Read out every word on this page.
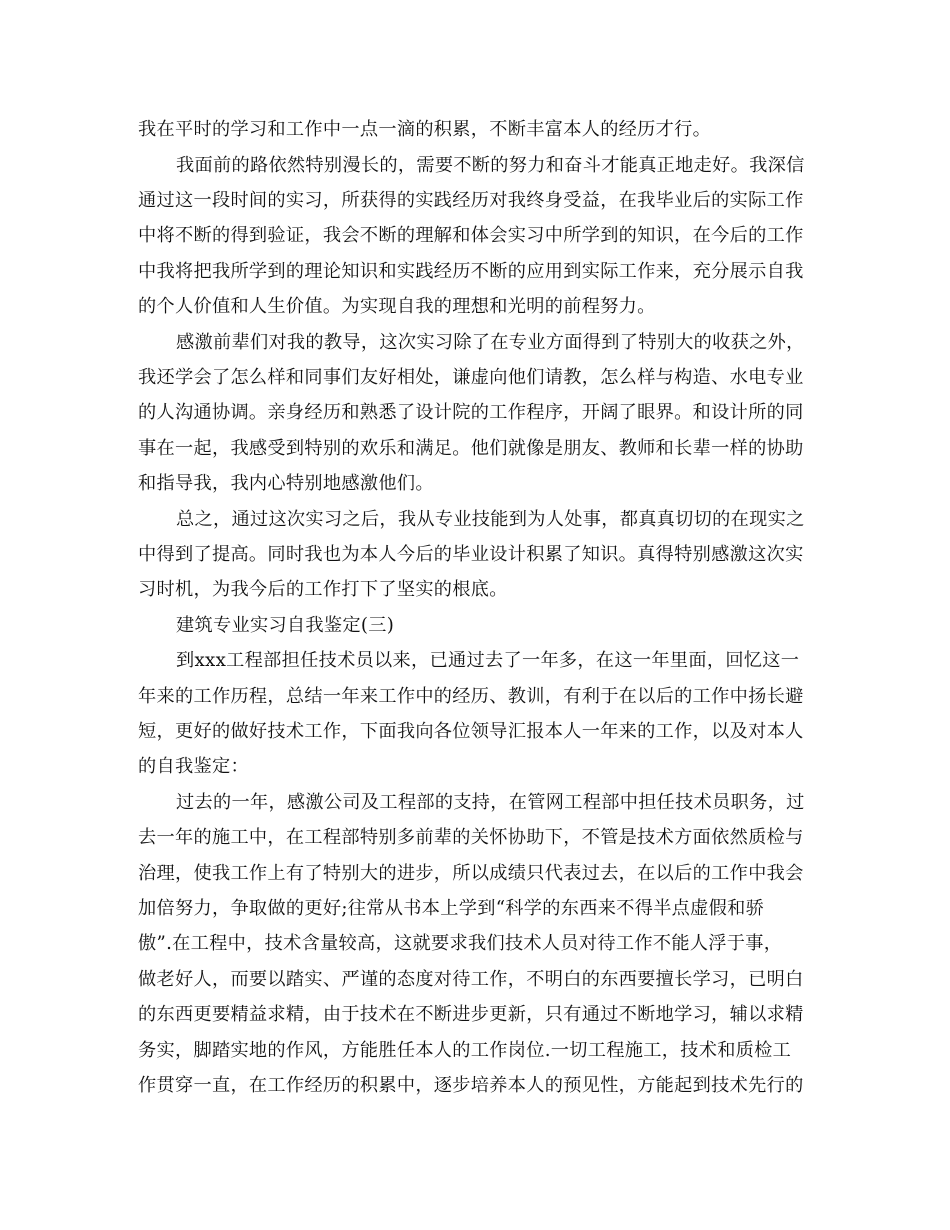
我在平时的学习和工作中一点一滴的积累，不断丰富本人的经历才行。
我面前的路依然特别漫长的，需要不断的努力和奋斗才能真正地走好。我深信
通过这一段时间的实习，所获得的实践经历对我终身受益，在我毕业后的实际工作
中将不断的得到验证，我会不断的理解和体会实习中所学到的知识，在今后的工作
中我将把我所学到的理论知识和实践经历不断的应用到实际工作来，充分展示自我
的个人价值和人生价值。为实现自我的理想和光明的前程努力。
感激前辈们对我的教导，这次实习除了在专业方面得到了特别大的收获之外，
我还学会了怎么样和同事们友好相处，谦虚向他们请教，怎么样与构造、水电专业
的人沟通协调。亲身经历和熟悉了设计院的工作程序，开阔了眼界。和设计所的同
事在一起，我感受到特别的欢乐和满足。他们就像是朋友、教师和长辈一样的协助
和指导我，我内心特别地感激他们。
总之，通过这次实习之后，我从专业技能到为人处事，都真真切切的在现实之
中得到了提高。同时我也为本人今后的毕业设计积累了知识。真得特别感激这次实
习时机，为我今后的工作打下了坚实的根底。
建筑专业实习自我鉴定(三)
到xxx工程部担任技术员以来，已通过去了一年多，在这一年里面，回忆这一
年来的工作历程，总结一年来工作中的经历、教训，有利于在以后的工作中扬长避
短，更好的做好技术工作，下面我向各位领导汇报本人一年来的工作，以及对本人
的自我鉴定：
过去的一年，感激公司及工程部的支持，在管网工程部中担任技术员职务，过
去一年的施工中，在工程部特别多前辈的关怀协助下，不管是技术方面依然质检与
治理，使我工作上有了特别大的进步，所以成绩只代表过去，在以后的工作中我会
加倍努力，争取做的更好;往常从书本上学到“科学的东西来不得半点虚假和骄
傲”.在工程中，技术含量较高，这就要求我们技术人员对待工作不能人浮于事，
做老好人，而要以踏实、严谨的态度对待工作，不明白的东西要擅长学习，已明白
的东西更要精益求精，由于技术在不断进步更新，只有通过不断地学习，辅以求精
务实，脚踏实地的作风，方能胜任本人的工作岗位.一切工程施工，技术和质检工
作贯穿一直，在工作经历的积累中，逐步培养本人的预见性，方能起到技术先行的
